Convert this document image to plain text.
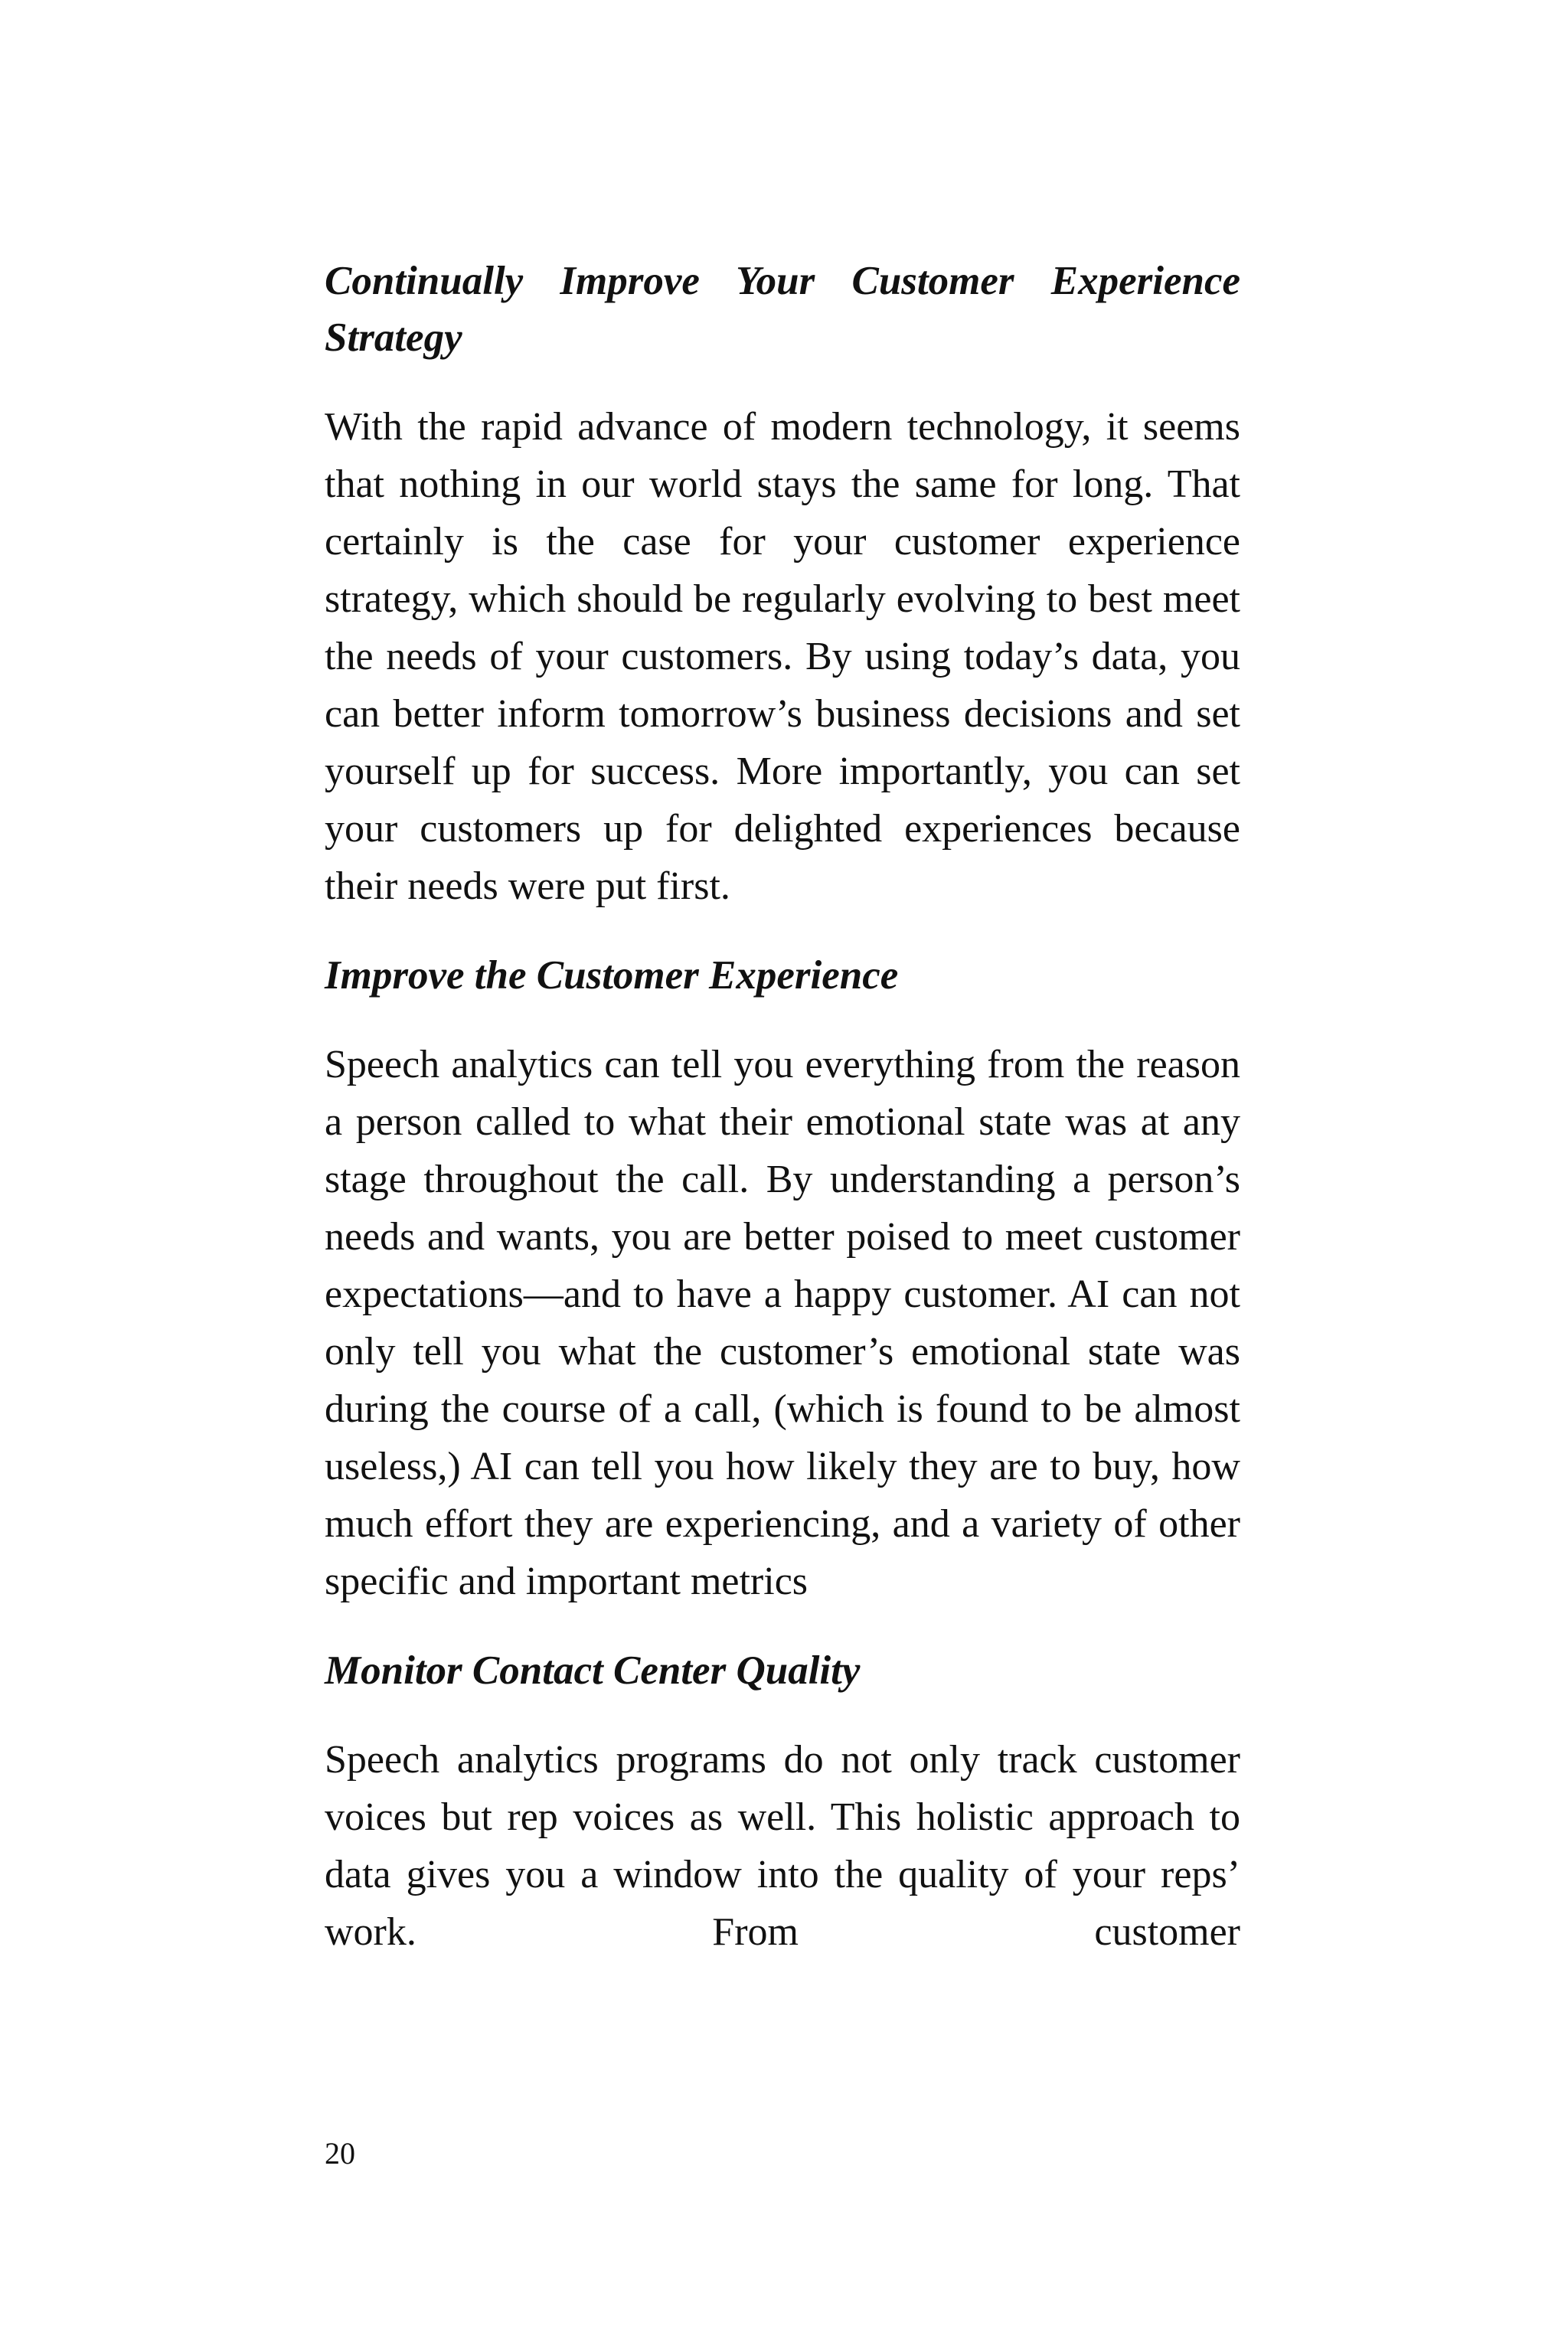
Continually Improve Your Customer Experience Strategy

With the rapid advance of modern technology, it seems that nothing in our world stays the same for long. That certainly is the case for your customer experience strategy, which should be regularly evolving to best meet the needs of your customers. By using today’s data, you can better inform tomorrow’s business decisions and set yourself up for success. More importantly, you can set your customers up for delighted experiences because their needs were put first.

Improve the Customer Experience

Speech analytics can tell you everything from the reason a person called to what their emotional state was at any stage throughout the call. By understanding a person’s needs and wants, you are better poised to meet customer expectations—and to have a happy customer. AI can not only tell you what the customer’s emotional state was during the course of a call, (which is found to be almost useless,) AI can tell you how likely they are to buy, how much effort they are experiencing, and a variety of other specific and important metrics

Monitor Contact Center Quality

Speech analytics programs do not only track customer voices but rep voices as well. This holistic approach to data gives you a window into the quality of your reps’ work. From customer

20
